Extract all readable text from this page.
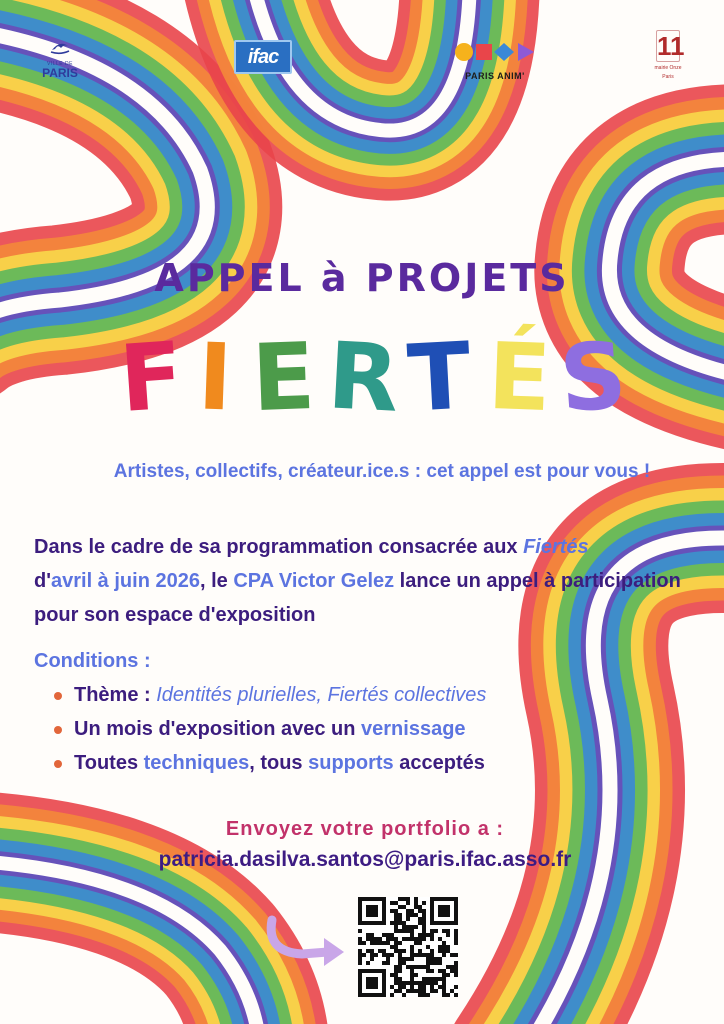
VILLE DE
PARIS
ifac
PARIS ANIM'
11
mairie Onze
Paris
APPEL à PROJETS
F I E R T É S
Artistes, collectifs, créateur.ice.s : cet appel est pour vous !
Dans le cadre de sa programmation consacrée aux Fiertés
d'avril à juin 2026, le CPA Victor Gelez lance un appel à participation pour son espace d'exposition
Conditions :
Thème : Identités plurielles, Fiertés collectives
Un mois d'exposition avec un vernissage
Toutes techniques, tous supports acceptés
Envoyez votre portfolio a :
patricia.dasilva.santos@paris.ifac.asso.fr
